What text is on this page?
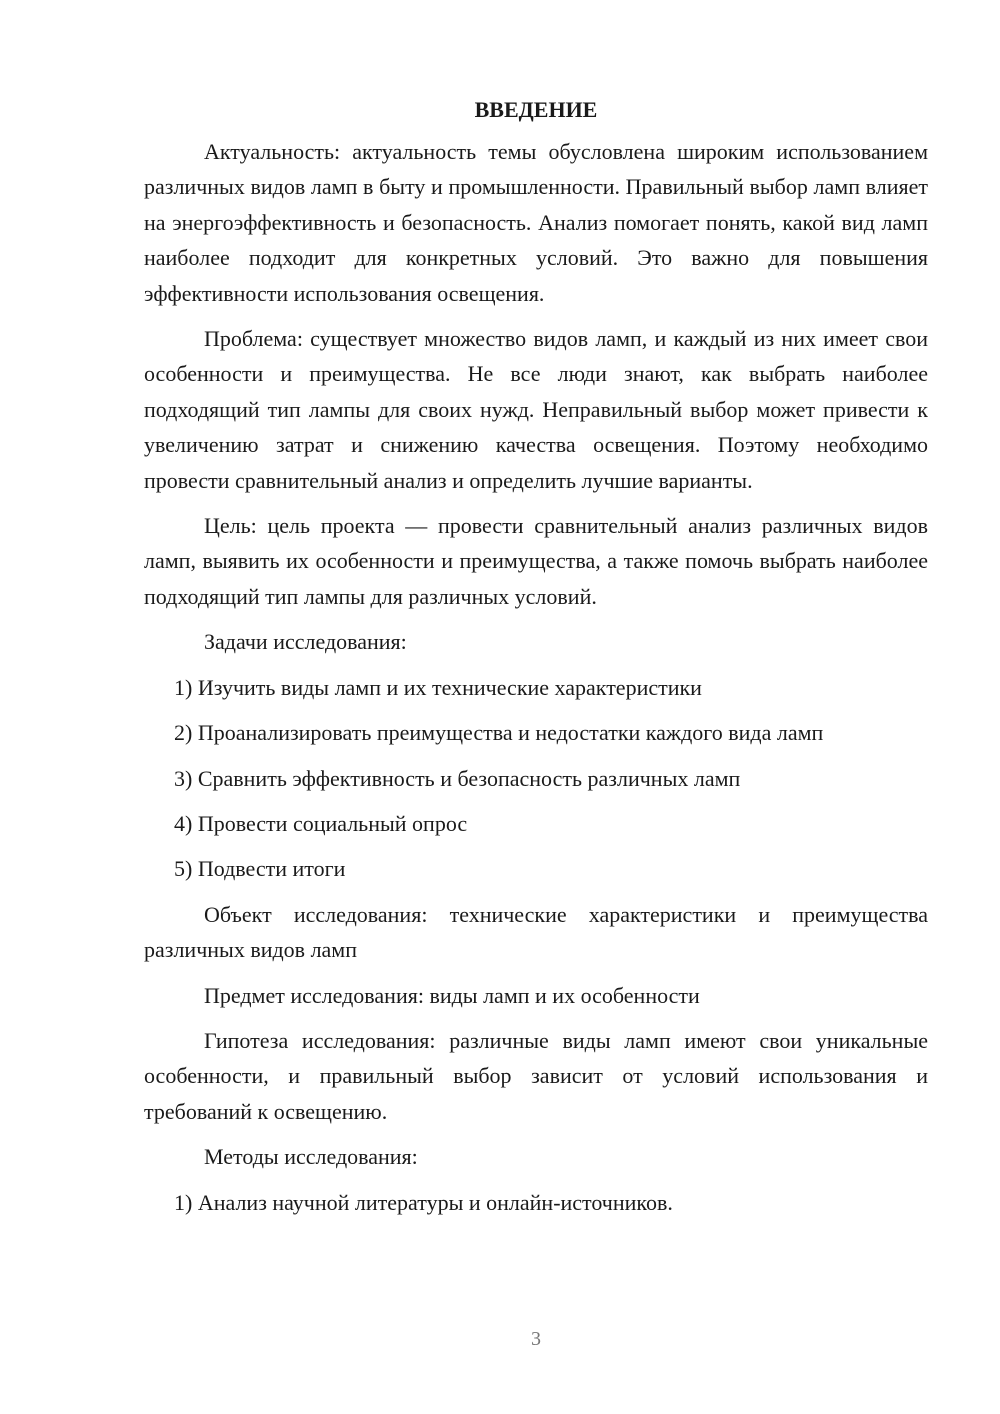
ВВЕДЕНИЕ

Актуальность: актуальность темы обусловлена широким использованием различных видов ламп в быту и промышленности. Правильный выбор ламп влияет на энергоэффективность и безопасность. Анализ помогает понять, какой вид ламп наиболее подходит для конкретных условий. Это важно для повышения эффективности использования освещения.

Проблема: существует множество видов ламп, и каждый из них имеет свои особенности и преимущества. Не все люди знают, как выбрать наиболее подходящий тип лампы для своих нужд. Неправильный выбор может привести к увеличению затрат и снижению качества освещения. Поэтому необходимо провести сравнительный анализ и определить лучшие варианты.

Цель: цель проекта — провести сравнительный анализ различных видов ламп, выявить их особенности и преимущества, а также помочь выбрать наиболее подходящий тип лампы для различных условий.

Задачи исследования:
1) Изучить виды ламп и их технические характеристики
2) Проанализировать преимущества и недостатки каждого вида ламп
3) Сравнить эффективность и безопасность различных ламп
4) Провести социальный опрос
5) Подвести итоги

Объект исследования: технические характеристики и преимущества различных видов ламп

Предмет исследования: виды ламп и их особенности

Гипотеза исследования: различные виды ламп имеют свои уникальные особенности, и правильный выбор зависит от условий использования и требований к освещению.

Методы исследования:
1) Анализ научной литературы и онлайн-источников.
3
